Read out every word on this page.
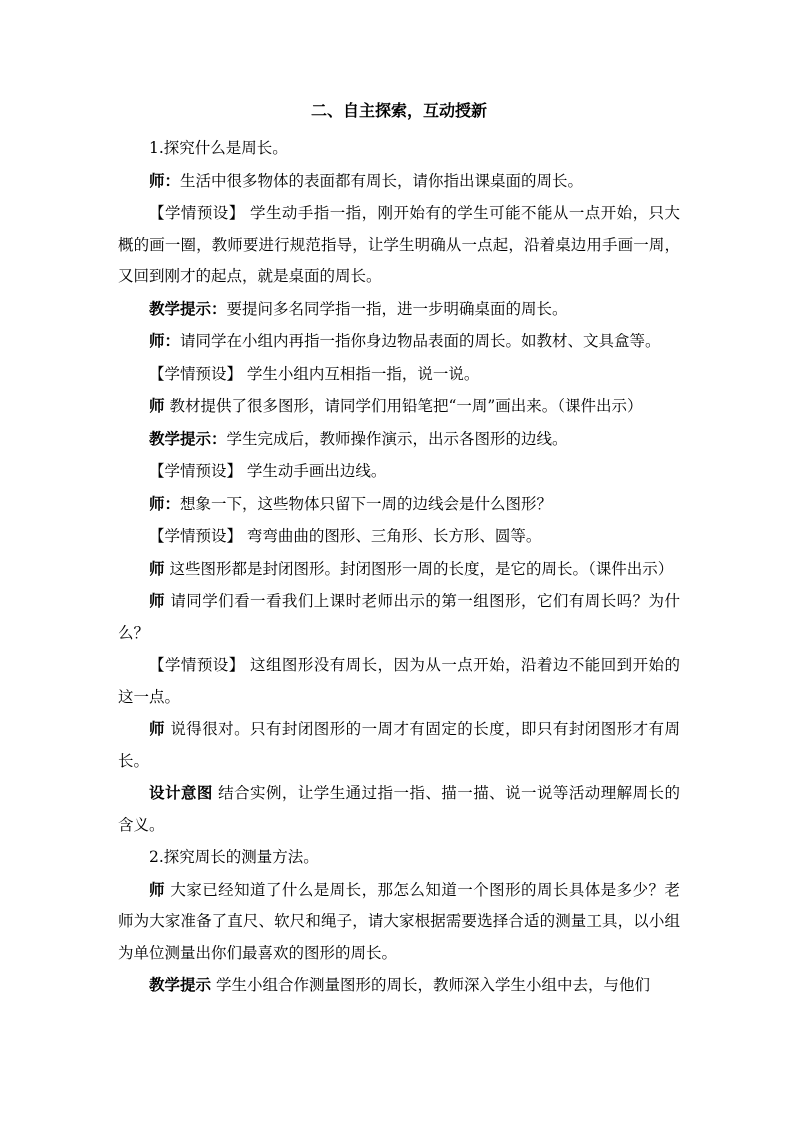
二、自主探索，互动授新

1.探究什么是周长。

师：生活中很多物体的表面都有周长，请你指出课桌面的周长。

【学情预设】 学生动手指一指，刚开始有的学生可能不能从一点开始，只大概的画一圈，教师要进行规范指导，让学生明确从一点起，沿着桌边用手画一周，又回到刚才的起点，就是桌面的周长。

教学提示：要提问多名同学指一指，进一步明确桌面的周长。

师：请同学在小组内再指一指你身边物品表面的周长。如教材、文具盒等。

【学情预设】 学生小组内互相指一指，说一说。

师 教材提供了很多图形，请同学们用铅笔把“一周”画出来。（课件出示）

教学提示：学生完成后，教师操作演示，出示各图形的边线。

【学情预设】 学生动手画出边线。

师：想象一下，这些物体只留下一周的边线会是什么图形？

【学情预设】 弯弯曲曲的图形、三角形、长方形、圆等。

师 这些图形都是封闭图形。封闭图形一周的长度，是它的周长。（课件出示）

师 请同学们看一看我们上课时老师出示的第一组图形，它们有周长吗？为什么？

【学情预设】 这组图形没有周长，因为从一点开始，沿着边不能回到开始的这一点。

师 说得很对。只有封闭图形的一周才有固定的长度，即只有封闭图形才有周长。

设计意图 结合实例，让学生通过指一指、描一描、说一说等活动理解周长的含义。

2.探究周长的测量方法。

师 大家已经知道了什么是周长，那怎么知道一个图形的周长具体是多少？老师为大家准备了直尺、软尺和绳子，请大家根据需要选择合适的测量工具，以小组为单位测量出你们最喜欢的图形的周长。

教学提示 学生小组合作测量图形的周长，教师深入学生小组中去，与他们
